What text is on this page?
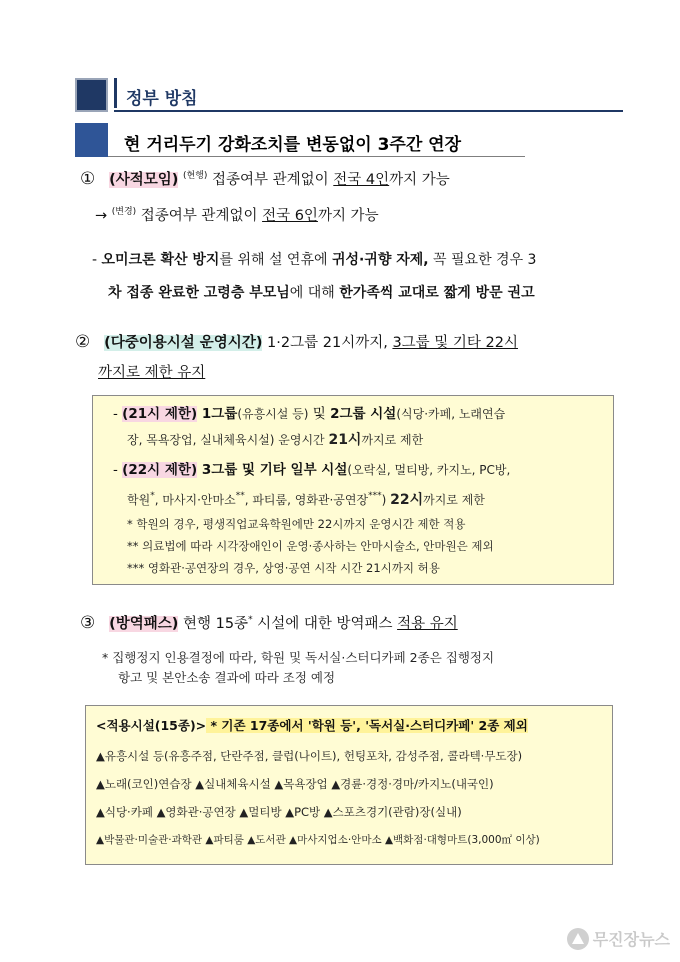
정부 방침
현 거리두기 강화조치를 변동없이 3주간 연장
① (사적모임) $^{(현행)}$ 접종여부 관계없이 전국 4인까지 가능
→ $^{(변경)}$ 접종여부 관계없이 전국 6인까지 가능
- 오미크론 확산 방지를 위해 설 연휴에 귀성·귀향 자제, 꼭 필요한 경우 3
차 접종 완료한 고령층 부모님에 대해 한가족씩 교대로 짧게 방문 권고
② (다중이용시설 운영시간) 1·2그룹 21시까지, 3그룹 및 기타 22시
까지로 제한 유지
- (21시 제한) 1그룹(유흥시설 등) 및 2그룹 시설(식당·카페, 노래연습
장, 목욕장업, 실내체육시설) 운영시간 21시까지로 제한
- (22시 제한) 3그룹 및 기타 일부 시설(오락실, 멀티방, 카지노, PC방,
학원*, 마사지·안마소**, 파티룸, 영화관·공연장***) 22시까지로 제한
* 학원의 경우, 평생직업교육학원에만 22시까지 운영시간 제한 적용
** 의료법에 따라 시각장애인이 운영·종사하는 안마시술소, 안마원은 제외
*** 영화관·공연장의 경우, 상영·공연 시작 시간 21시까지 허용
③ (방역패스) 현행 15종* 시설에 대한 방역패스 적용 유지
* 집행정지 인용결정에 따라, 학원 및 독서실·스터디카페 2종은 집행정지
항고 및 본안소송 결과에 따라 조정 예정
<적용시설(15종)> * 기존 17종에서 '학원 등', '독서실·스터디카페' 2종 제외
▲유흥시설 등(유흥주점, 단란주점, 클럽(나이트), 헌팅포차, 감성주점, 콜라텍·무도장)
▲노래(코인)연습장 ▲실내체육시설 ▲목욕장업 ▲경륜·경정·경마/카지노(내국인)
▲식당·카페 ▲영화관·공연장 ▲멀티방 ▲PC방 ▲스포츠경기(관람)장(실내)
▲박물관·미술관·과학관 ▲파티룸 ▲도서관 ▲마사지업소·안마소 ▲백화점·대형마트(3,000㎡ 이상)
무진장뉴스
